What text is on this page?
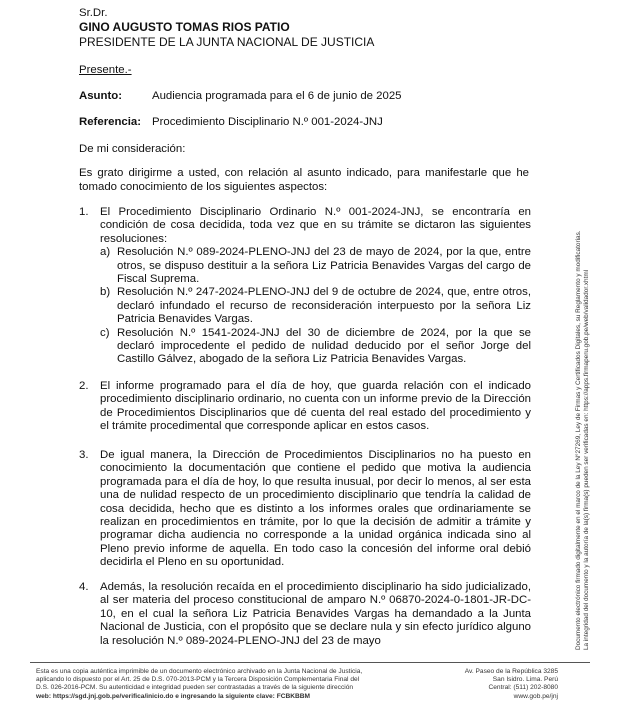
Sr.Dr.
GINO AUGUSTO TOMAS RIOS PATIO
PRESIDENTE DE LA JUNTA NACIONAL DE JUSTICIA
Presente.-
Asunto:	Audiencia programada para el 6 de junio de 2025
Referencia: Procedimiento Disciplinario N.º 001-2024-JNJ
De mi consideración:
Es grato dirigirme a usted, con relación al asunto indicado, para manifestarle que he tomado conocimiento de los siguientes aspectos:
1.	El Procedimiento Disciplinario Ordinario N.º 001-2024-JNJ, se encontraría en condición de cosa decidida, toda vez que en su trámite se dictaron las siguientes resoluciones:
a) Resolución N.º 089-2024-PLENO-JNJ del 23 de mayo de 2024, por la que, entre otros, se dispuso destituir a la señora Liz Patricia Benavides Vargas del cargo de Fiscal Suprema.
b) Resolución N.º 247-2024-PLENO-JNJ del 9 de octubre de 2024, que, entre otros, declaró infundado el recurso de reconsideración interpuesto por la señora Liz Patricia Benavides Vargas.
c) Resolución N.º 1541-2024-JNJ del 30 de diciembre de 2024, por la que se declaró improcedente el pedido de nulidad deducido por el señor Jorge del Castillo Gálvez, abogado de la señora Liz Patricia Benavides Vargas.
2.	El informe programado para el día de hoy, que guarda relación con el indicado procedimiento disciplinario ordinario, no cuenta con un informe previo de la Dirección de Procedimientos Disciplinarios que dé cuenta del real estado del procedimiento y el trámite procedimental que corresponde aplicar en estos casos.
3.	De igual manera, la Dirección de Procedimientos Disciplinarios no ha puesto en conocimiento la documentación que contiene el pedido que motiva la audiencia programada para el día de hoy, lo que resulta inusual, por decir lo menos, al ser esta una de nulidad respecto de un procedimiento disciplinario que tendría la calidad de cosa decidida, hecho que es distinto a los informes orales que ordinariamente se realizan en procedimientos en trámite, por lo que la decisión de admitir a trámite y programar dicha audiencia no corresponde a la unidad orgánica indicada sino al Pleno previo informe de aquella. En todo caso la concesión del informe oral debió decidirla el Pleno en su oportunidad.
4.	Además, la resolución recaída en el procedimiento disciplinario ha sido judicializado, al ser materia del proceso constitucional de amparo N.º 06870-2024-0-1801-JR-DC-10, en el cual la señora Liz Patricia Benavides Vargas ha demandado a la Junta Nacional de Justicia, con el propósito que se declare nula y sin efecto jurídico alguno la resolución N.º 089-2024-PLENO-JNJ del 23 de mayo	Documento electrónico firmado digitalmente en el marco de la Ley N°27269, Ley de Firmas y Certificados Digitales, su Reglamento y modificatorias. La integridad del documento y la autoría de la(s) firma(s) pueden ser verificadas en: https://apps.firmaperu.gob.pe/web/validador.xhtml
Esta es una copia auténtica imprimible de un documento electrónico archivado en la Junta Nacional de Justicia,
aplicando lo dispuesto por el Art. 25 de D.S. 070-2013-PCM y la Tercera Disposición Complementaria Final del
D.S. 026-2016-PCM. Su autenticidad e integridad pueden ser contrastadas a través de la siguiente dirección
web: https://sgd.jnj.gob.pe/verifica/inicio.do e ingresando la siguiente clave: FCBKBBM
Av. Paseo de la República 3285
San Isidro. Lima. Perú
Central: (511) 202-8080
www.gob.pe/jnj
